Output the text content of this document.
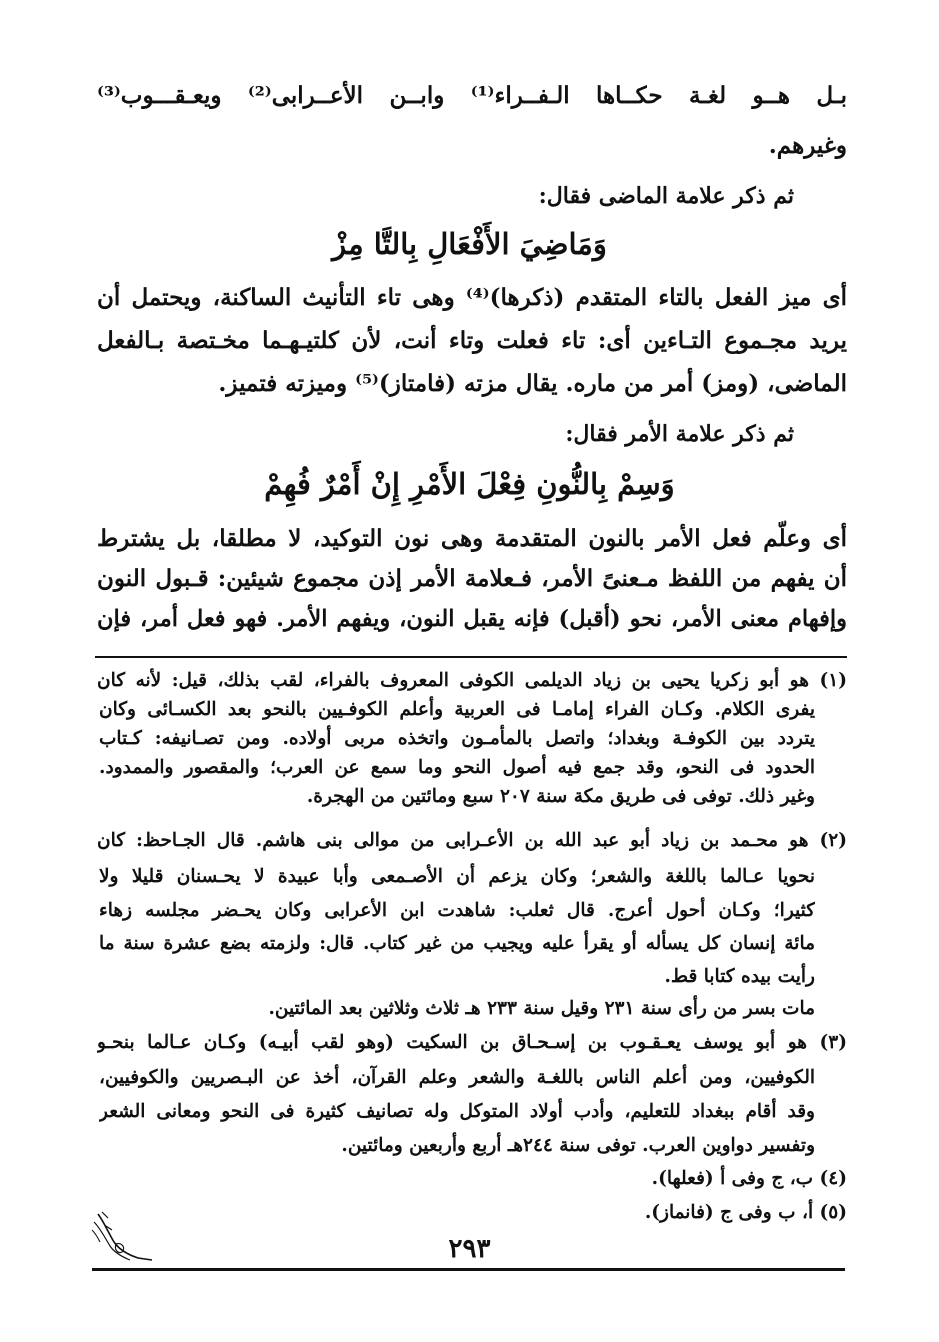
بـل هــو لغـة حكــاها الـفــراء⁽¹⁾ وابــن الأعــرابى⁽²⁾ ويعـقـــوب⁽³⁾
وغيرهم.
ثم ذكر علامة الماضى فقال:
وَمَاضِيَ الأَفْعَالِ بِالتَّا مِزْ
أى ميز الفعل بالتاء المتقدم (ذكرها)⁽⁴⁾ وهى تاء التأنيث الساكنة، ويحتمل أن
يريد مجـموع التـاءين أى: تاء فعلت وتاء أنت، لأن كلتيـهـما مخـتصة بـالفعل
الماضى، (ومز) أمر من ماره. يقال مزته (فامتاز)⁽⁵⁾ وميزته فتميز.
ثم ذكر علامة الأمر فقال:
وَسِمْ بِالنُّونِ فِعْلَ الأَمْرِ إِنْ أَمْرٌ فُهِمْ
أى وعلّم فعل الأمر بالنون المتقدمة وهى نون التوكيد، لا مطلقا، بل يشترط
أن يفهم من اللفظ مـعنىً الأمر، فـعلامة الأمر إذن مجموع شيئين: قـبول النون
وإفهام معنى الأمر، نحو (أقبل) فإنه يقبل النون، ويفهم الأمر. فهو فعل أمر، فإن
(١) هو أبو زكريا يحيى بن زياد الديلمى الكوفى المعروف بالفراء، لقب بذلك، قيل: لأنه كان
يفرى الكلام. وكـان الفراء إمامـا فى العربية وأعلم الكوفـيين بالنحو بعد الكسـائى وكان
يتردد بين الكوفـة وبغداد؛ واتصل بالمأمـون واتخذه مربى أولاده. ومن تصـانيفه: كـتاب
الحدود فى النحو، وقد جمع فيه أصول النحو وما سمع عن العرب؛ والمقصور والممدود.
وغير ذلك. توفى فى طريق مكة سنة ٢٠٧ سبع ومائتين من الهجرة.
(٢) هو محـمد بن زياد أبو عبد الله بن الأعـرابى من موالى بنى هاشم. قال الجـاحظ: كان
نحويا عـالما باللغة والشعر؛ وكان يزعم أن الأصـمعى وأبا عبيدة لا يحـسنان قليلا ولا
كثيرا؛ وكـان أحول أعرج. قال ثعلب: شاهدت ابن الأعرابى وكان يحـضر مجلسه زهاء
مائة إنسان كل يسأله أو يقرأ عليه ويجيب من غير كتاب. قال: ولزمته بضع عشرة سنة ما
رأيت بيده كتابا قط.
مات بسر من رأى سنة ٢٣١ وقيل سنة ٢٣٣ هـ ثلاث وثلاثين بعد المائتين.
(٣) هو أبو يوسف يعـقـوب بن إسـحـاق بن السكيت (وهو لقب أبيـه) وكـان عـالما بنحـو
الكوفيين، ومن أعلم الناس باللغـة والشعر وعلم القرآن، أخذ عن البـصريين والكوفيين،
وقد أقام ببغداد للتعليم، وأدب أولاد المتوكل وله تصانيف كثيرة فى النحو ومعانى الشعر
وتفسير دواوين العرب. توفى سنة ٢٤٤هـ أربع وأربعين ومائتين.
(٤) ب، ج وفى أ (فعلها).
(٥) أ، ب وفى ج (فانماز).
٢٩٣
